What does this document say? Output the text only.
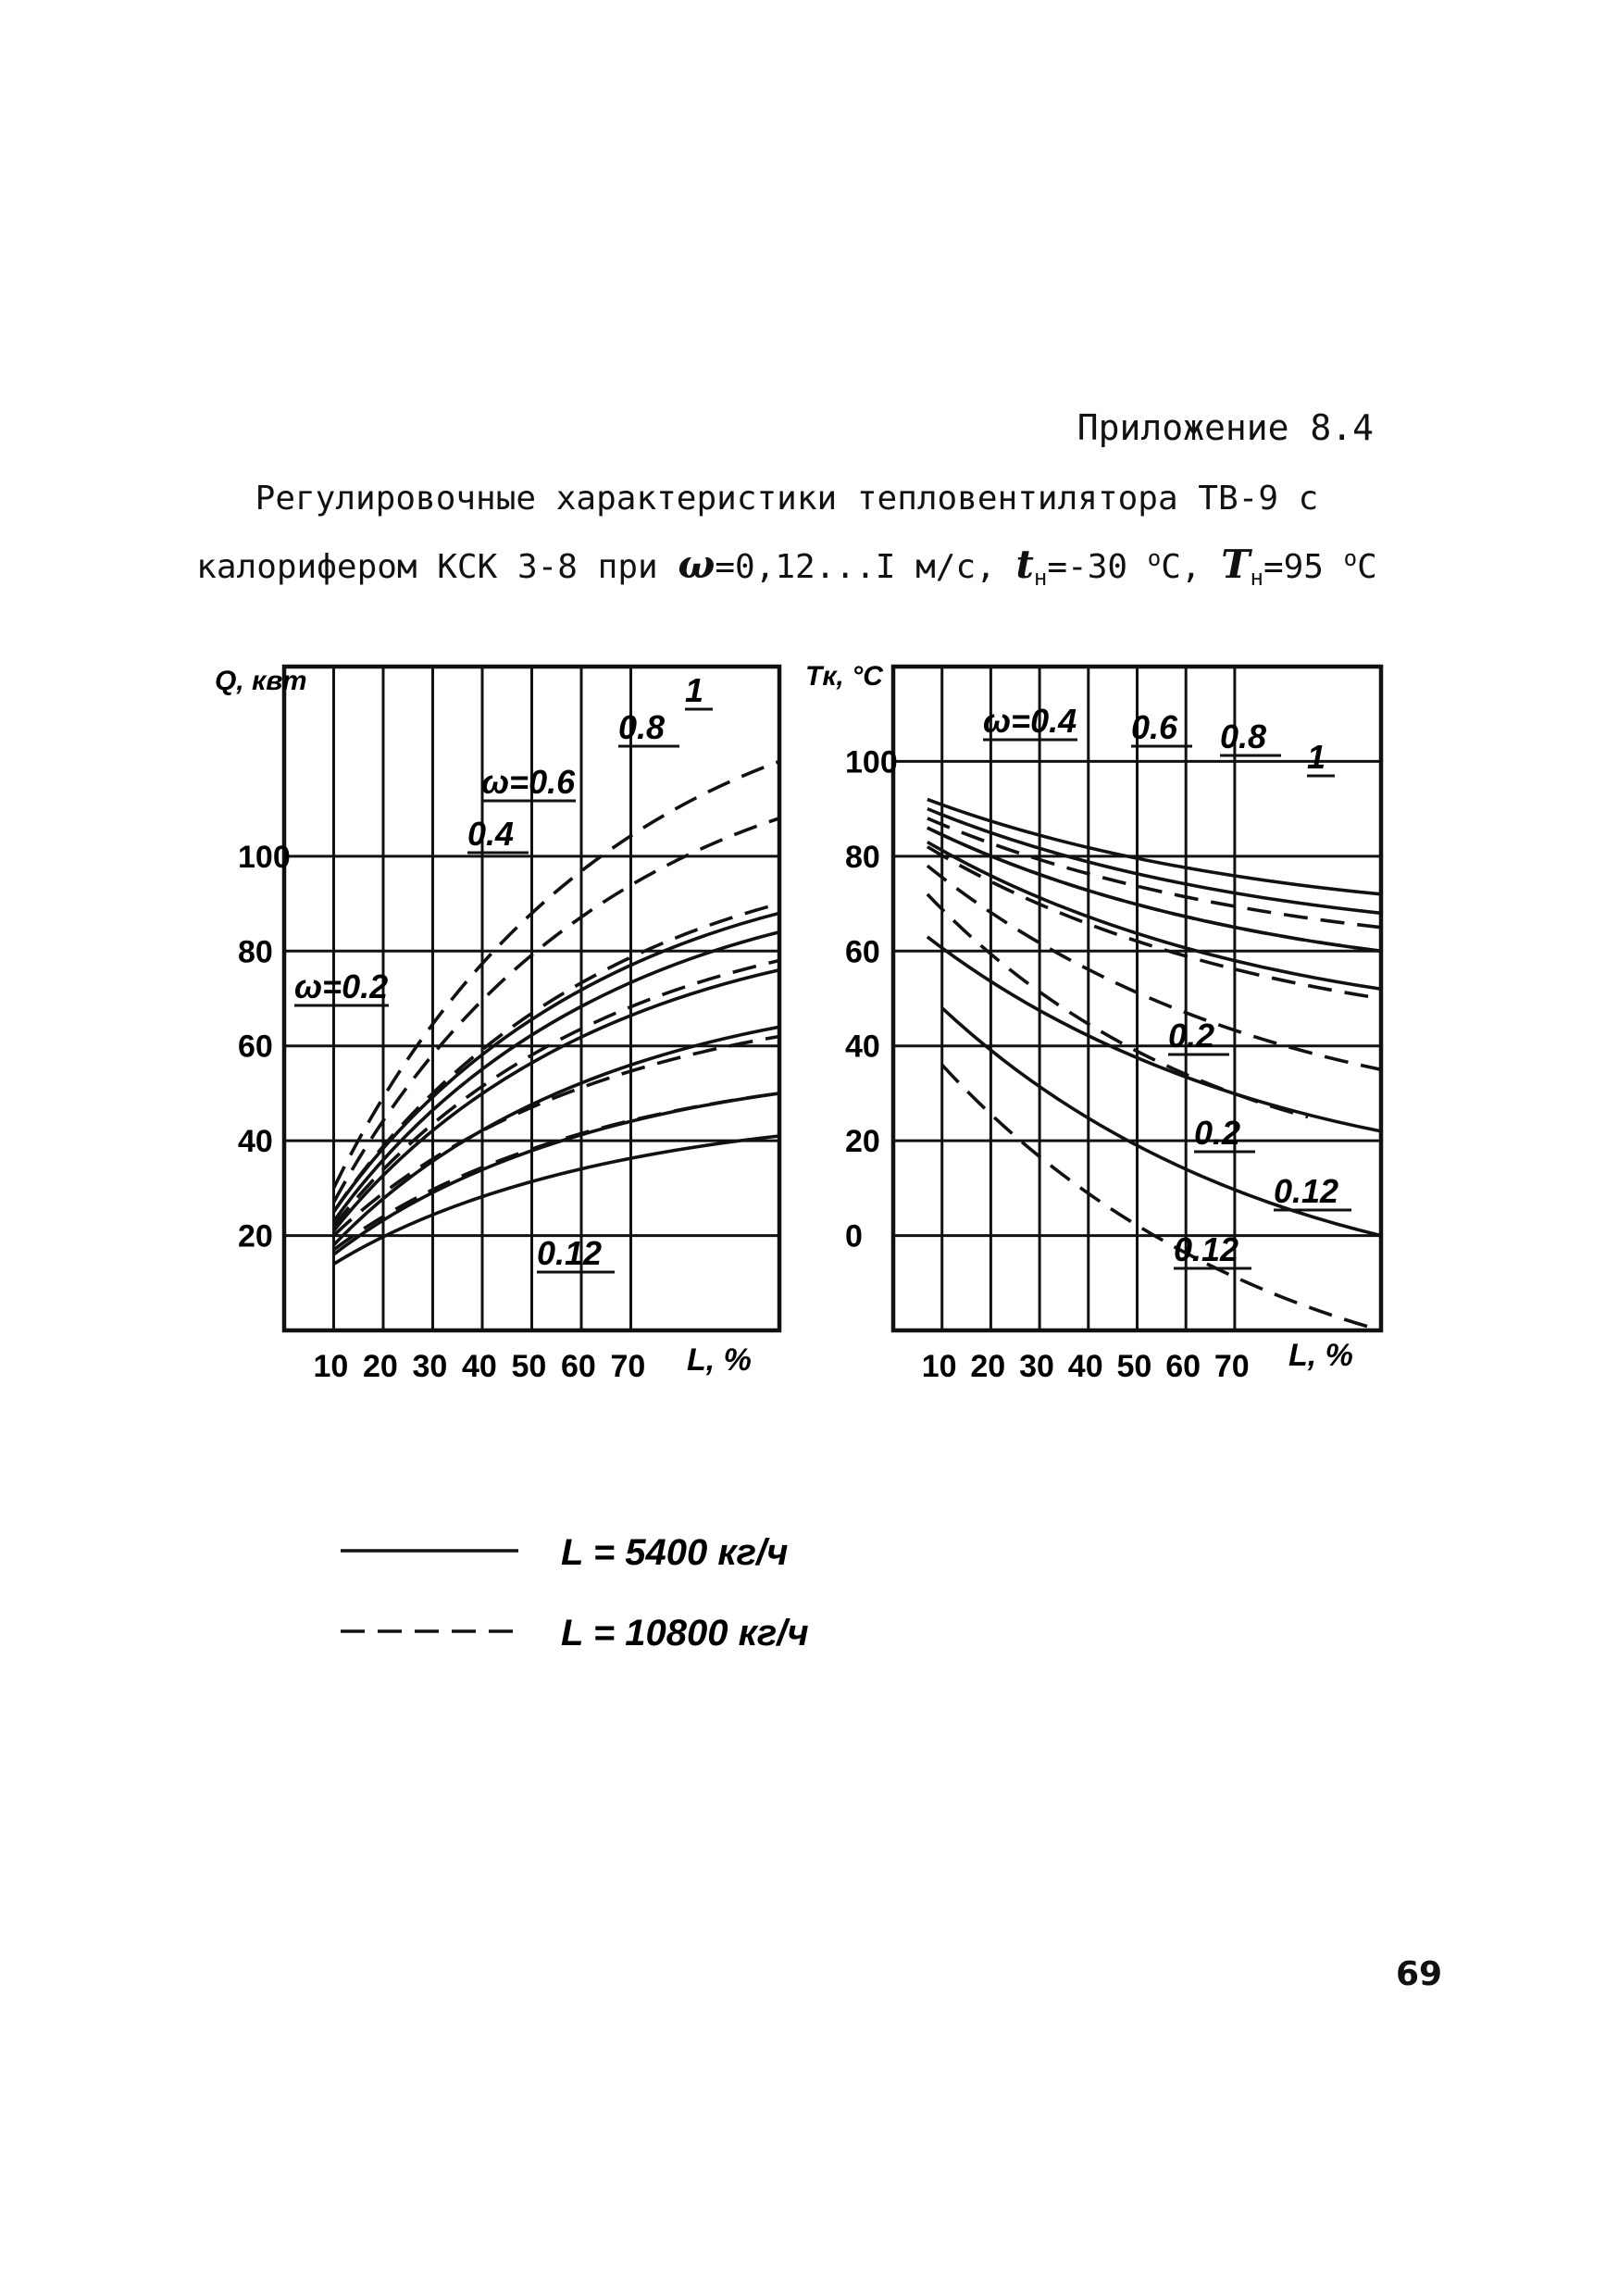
Приложение 8.4
Регулировочные характеристики тепловентилятора ТВ-9 с
калорифером КСК 3-8 при ω=0,12...I м/с, $t_н=-30$ $^о$С, $T_н=95$ $^о$С
10 20 30 40 50 60 70
20
40
60
80
100
Q, квт
L, %
ω=0.2
0.4
ω=0.6
0.8
1
0.12
10 20 30 40 50 60 70
0
20
40
60
80
100
Tк, °C
L, %
ω=0.4 0.6 0.8
1
0.2
0.2
0.12
0.12
L = 5400 кг/ч
L = 10800 кг/ч
69
